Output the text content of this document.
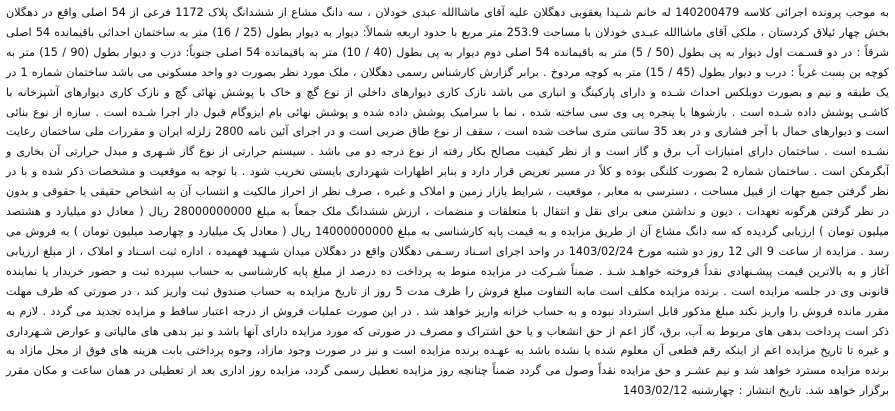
به موجب پرونده اجرائی کلاسه 140200479 له خانم شـیدا یعقوبی دهگلان علیه آقای ماشاالله عبدی خودلان ، سه دانگ مشاع از ششدانگ پلاک 1172 فرعی از 54 اصلی واقع در دهگلان بخش چهار ئیلاق کردستان ، ملکی آقای ماشاالله عبـدی خودلان با مساحت 253.9 متر مربع با حدود اربعه شمالاً: دیوار به دیوار بطول (25 / 16) متر به ساختمان احداثی باقیمانده 54 اصلی شرقاً : در دو قسـمت اول دیوار به پی بطول (50 / 5) متر به باقیمانده 54 اصلی دوم دیوار به پی بطول (40 / 10) متر به باقیمانده 54 اصلی جنوباً: درب و دیوار بطول (90 / 15) متر به کوچه بن بست غرباً : درب و دیوار بطول (45 / 15) متر به کوچه مردوخ . برابر گزارش کارشناس رسمی دهگلان ، ملک مورد نظر بصورت دو واحد مسکونی می باشد ساختمان شماره 1 در یک طبقه و نیم و بصورت دوبلکس احداث شـده و دارای پارکینگ و انباری می باشد نازک کاری دیوارهای داخلی از نوع گچ و خاک با پوشش نهائی گچ و نازک کاری دیوارهای آشپزخانه با کاشـی پوشش داده شـده است . بازشوها با پنجره پی وی سی ساخته شده ، نما با سرامیک پوشش داده شده و پوشش نهائی بام ایزوگام قبول دار اجرا شـده است . سازه از نوع بنائی است و دیوارهای حمال با آجر فشاری و در بعد 35 سانتی متری ساخت شده است ، سقف از نوع طاق ضربی است و در اجرای آئین نامه 2800 زلزله ایران و مقررات ملی ساختمان رعایت نشـده است . ساختمان دارای امتیازات آب برق و گاز است و از نظر کیفیت مصالح بکار رفته از نوع درجه دو می باشد . سیستم حرارتی از نوع گاز شـهری و مبدل حرارتی آن بخاری و آبگرمکن است . ساختمان شماره 2 بصورت کلنگی بوده و کلاً در مسیر تعریض قرار دارد و بنابر اظهارات شهرداری بایستی تخریب شود . با توجه به موقعیت و مشخصات ذکر شده و با در نظر گرفتن جمیع جهات از قبیل مساحت ، دسترسی به معابر ، موقعیت ، شرایط بازار زمین و املاک و غیره ، صرف نظر از احراز مالکیت و انتساب آن به اشخاص حقیقی یا حقوقی و بدون در نظر گرفتن هرگونه تعهدات ، دیون و نداشتن منعی برای نقل و انتقال با متعلقات و منضمات ، ارزش ششدانگ ملک جمعاً به مبلغ 28000000000 ریال ( معادل دو میلیارد و هشتصد میلیون تومان ) ارزیابی گردیده که سه دانگ مشاع آن از طریق مزایده و به قیمت پایه کارشناسی به مبلغ 14000000000 ریال ( معادل یک میلیارد و چهارصد میلیون تومان ) به فروش می رسد . مزایده از ساعت 9 الی 12 روز دو شنبه مورخ 1403/02/24 در واحد اجرای اسـناد رسـمی دهگلان واقع در دهگلان میدان شـهید فهمیده ، اداره ثبت اسـناد و املاک ، از مبلغ ارزیابی آغاز و به بالاترین قیمت پیشـنهادی نقداً فروخته خواهـد شـد . ضمناً شـرکت در مزایده منوط به پرداخت ده درصد از مبلغ پایه کارشناسی به حساب سپرده ثبت و حضور خریدار یا نماینده قانونی وی در جلسه مزایده است . برنده مزایده مکلف است مابه التفاوت مبلغ فروش را ظرف مدت 5 روز از تاریخ مزایده به حساب صندوق ثبت واریز کند ، در صورتی که ظرف مهلت مقرر مانده فروش را واریز نکند مبلغ مذکور قابل استرداد نبوده و به حساب خزانه واریز خواهد شد . در این صورت عملیات فروش از درجه اعتبار ساقط و مزایده تجدید می گردد . لازم به ذکر است پرداخت بدهی های مربوط به آب، برق، گاز اعم از حق انشعاب و یا حق اشتراک و مصرف در صورتی که مورد مزایده دارای آنها باشد و نیز بدهی های مالیاتی و عوارض شـهرداری و غیره تا تاریخ مزایده اعم از اینکه رقم قطعی آن معلوم شده یا نشده باشد به عهـده برنده مزایده است و نیز در صورت وجود مازاد، وجوه پرداختی بابت هزینه های فوق از محل مازاد به برنده مزایده مسترد خواهد شد و نیم عشـر و حق مزایده نقداً وصول می گردد ضمناً چنانچه روز مزایده تعطیل رسمی گردد، مزایده روز اداری بعد از تعطیلی در همان ساعت و مکان مقرر برگزار خواهد شد. تاریخ انتشار : چهارشنبه 1403/02/12
